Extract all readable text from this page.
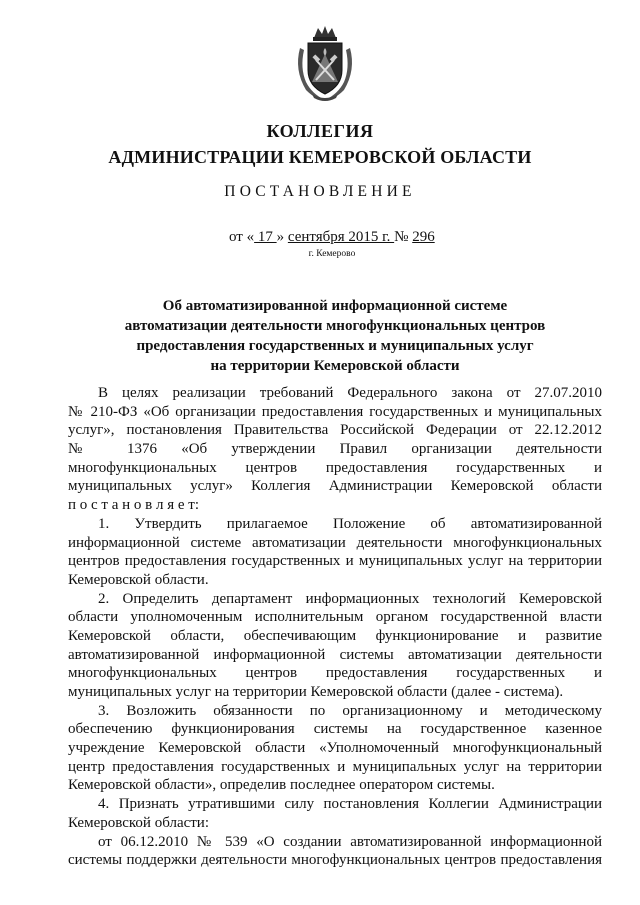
КОЛЛЕГИЯ
АДМИНИСТРАЦИИ КЕМЕРОВСКОЙ ОБЛАСТИ
ПОСТАНОВЛЕНИЕ
от « 17 » сентября 2015 г. № 296
г. Кемерово
Об автоматизированной информационной системе
автоматизации деятельности многофункциональных центров
предоставления государственных и муниципальных услуг
на территории Кемеровской области
В целях реализации требований Федерального закона от 27.07.2010
№ 210-ФЗ «Об организации предоставления государственных и муниципальных
услуг», постановления Правительства Российской Федерации от 22.12.2012
№ 1376 «Об утверждении Правил организации деятельности
многофункциональных центров предоставления государственных и
муниципальных услуг» Коллегия Администрации Кемеровской области
п о с т а н о в л я е т:
1. Утвердить прилагаемое Положение об автоматизированной
информационной системе автоматизации деятельности многофункциональных
центров предоставления государственных и муниципальных услуг на территории
Кемеровской области.
2. Определить департамент информационных технологий Кемеровской
области уполномоченным исполнительным органом государственной власти
Кемеровской области, обеспечивающим функционирование и развитие
автоматизированной информационной системы автоматизации деятельности
многофункциональных центров предоставления государственных и
муниципальных услуг на территории Кемеровской области (далее - система).
3. Возложить обязанности по организационному и методическому
обеспечению функционирования системы на государственное казенное
учреждение Кемеровской области «Уполномоченный многофункциональный
центр предоставления государственных и муниципальных услуг на территории
Кемеровской области», определив последнее оператором системы.
4. Признать утратившими силу постановления Коллегии Администрации
Кемеровской области:
от 06.12.2010 № 539 «О создании автоматизированной информационной
системы поддержки деятельности многофункциональных центров предоставления
